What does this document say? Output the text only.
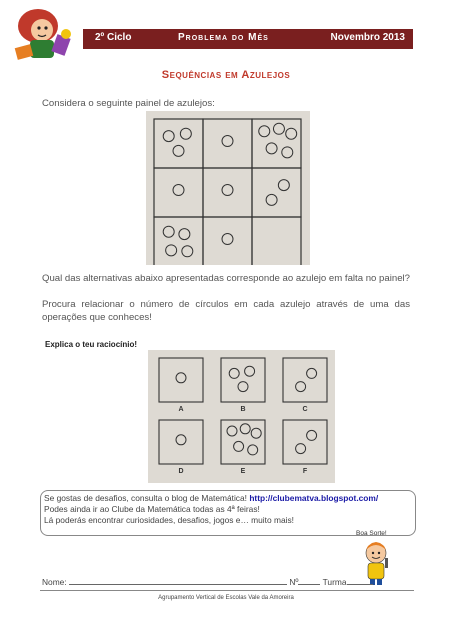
2º Ciclo	Problema do Mês	Novembro 2013
Sequências em Azulejos
Considera o seguinte painel de azulejos:
Qual das alternativas abaixo apresentadas corresponde ao azulejo em falta no painel?
Procura relacionar o número de círculos em cada azulejo através de uma das operações que conheces!
Explica o teu raciocínio!
A	B	C
D	E	F
Se gostas de desafios, consulta o blog de Matemática! http://clubematva.blogspot.com/
Podes ainda ir ao Clube da Matemática todas as 4ª feiras!
Lá poderás encontrar curiosidades, desafios, jogos e… muito mais!
Boa Sorte!
Nome:	Nº	Turma
Agrupamento Vertical de Escolas Vale da Amoreira
